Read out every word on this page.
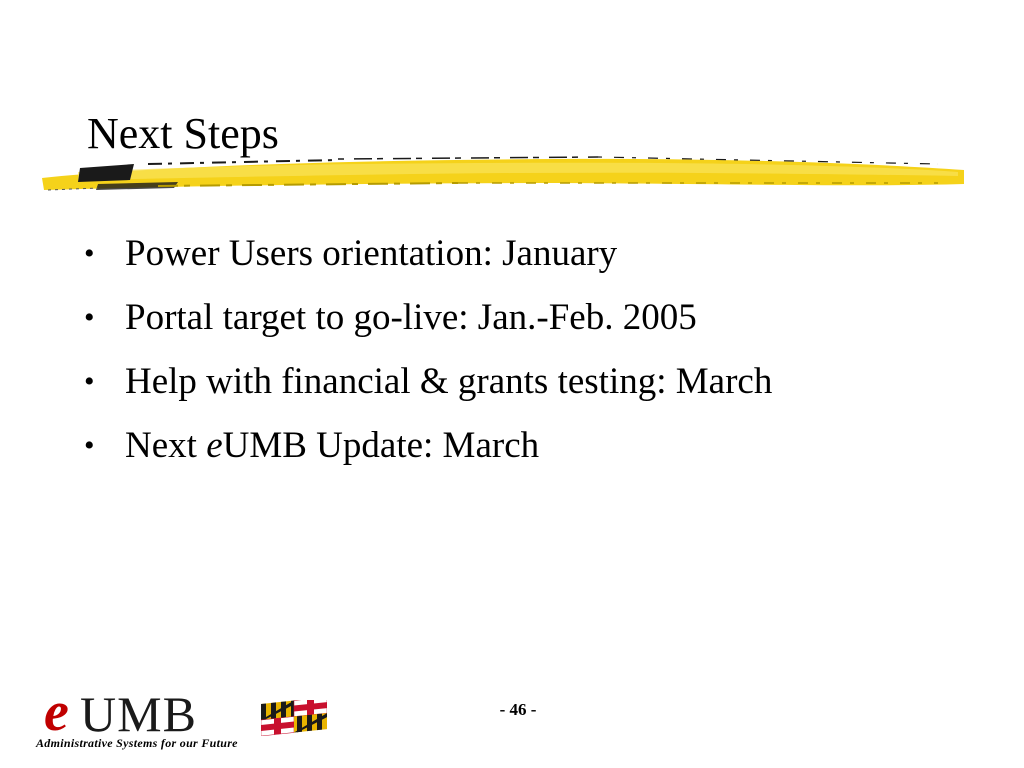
Next Steps
• Power Users orientation: January
• Portal target to go-live: Jan.-Feb. 2005
• Help with financial & grants testing: March
• Next eUMB Update: March
e UMB
Administrative Systems for our Future
- 46 -
